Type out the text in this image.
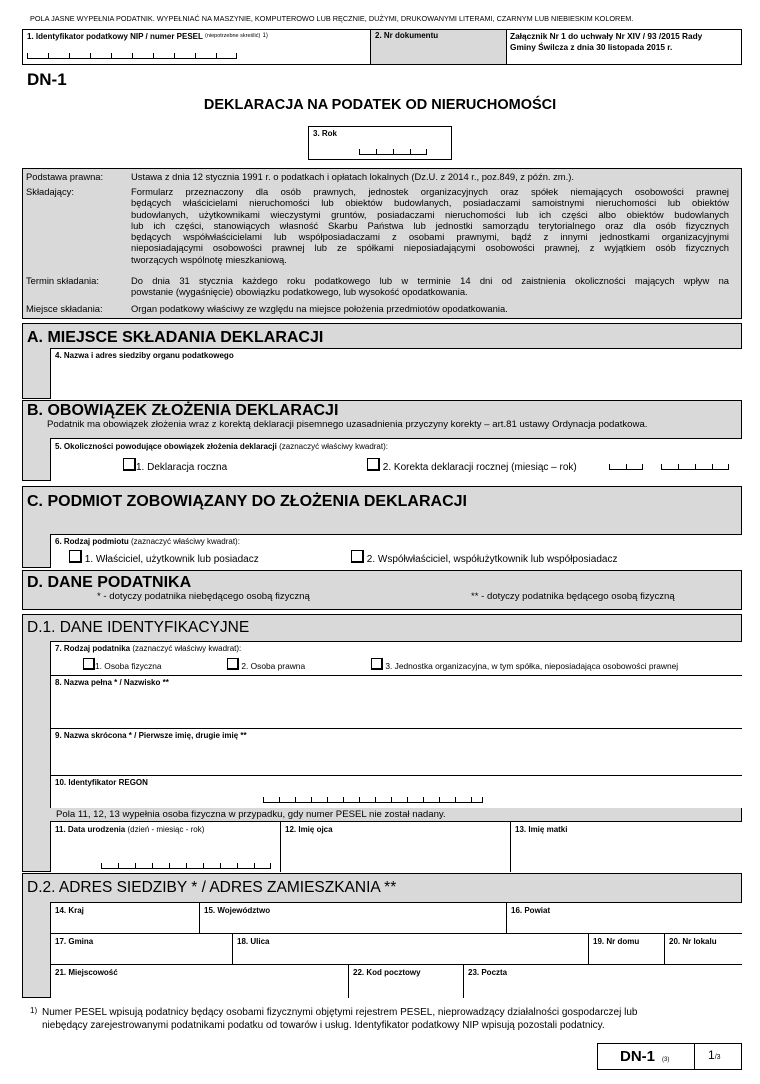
POLA JASNE WYPEŁNIA PODATNIK. WYPEŁNIAĆ NA MASZYNIE, KOMPUTEROWO LUB RĘCZNIE, DUŻYMI, DRUKOWANYMI LITERAMI, CZARNYM LUB NIEBIESKIM KOLOREM.
1. Identyfikator podatkowy NIP / numer PESEL $^{(niepotrzebne skreślić)}$ $^{1)}$	2. Nr dokumentu	Załącznik Nr 1 do uchwały Nr XIV / 93 /2015 Rady
Gminy Świlcza z dnia 30 listopada 2015 r.
DN-1
DEKLARACJA NA PODATEK OD NIERUCHOMOŚCI
3. Rok
Podstawa prawna:	Ustawa z dnia 12 stycznia 1991 r. o podatkach i opłatach lokalnych (Dz.U. z 2014 r., poz.849, z późn. zm.).
Składający:	Formularz przeznaczony dla osób prawnych, jednostek organizacyjnych oraz spółek niemających osobowości prawnej
będących właścicielami nieruchomości lub obiektów budowlanych, posiadaczami samoistnymi nieruchomości lub obiektów
budowlanych, użytkownikami wieczystymi gruntów, posiadaczami nieruchomości lub ich części albo obiektów budowlanych
lub ich części, stanowiących własność Skarbu Państwa lub jednostki samorządu terytorialnego oraz dla osób fizycznych
będących współwłaścicielami lub współposiadaczami z osobami prawnymi, bądź z innymi jednostkami organizacyjnymi
nieposiadającymi osobowości prawnej lub ze spółkami nieposiadającymi osobowości prawnej, z wyjątkiem osób fizycznych
tworzących wspólnotę mieszkaniową.
Termin składania:	Do dnia 31 stycznia każdego roku podatkowego lub w terminie 14 dni od zaistnienia okoliczności mających wpływ na
powstanie (wygaśnięcie) obowiązku podatkowego, lub wysokość opodatkowania.
Miejsce składania:	Organ podatkowy właściwy ze względu na miejsce położenia przedmiotów opodatkowania.
A. MIEJSCE SKŁADANIA DEKLARACJI
4. Nazwa i adres siedziby organu podatkowego
B. OBOWIĄZEK ZŁOŻENIA DEKLARACJI
Podatnik ma obowiązek złożenia wraz z korektą deklaracji pisemnego uzasadnienia przyczyny korekty – art.81 ustawy Ordynacja podatkowa.
5. Okoliczności powodujące obowiązek złożenia deklaracji (zaznaczyć właściwy kwadrat):
1. Deklaracja roczna	2. Korekta deklaracji rocznej (miesiąc – rok)
C. PODMIOT ZOBOWIĄZANY DO ZŁOŻENIA DEKLARACJI
6. Rodzaj podmiotu (zaznaczyć właściwy kwadrat):
1. Właściciel, użytkownik lub posiadacz	2. Współwłaściciel, współużytkownik lub współposiadacz
D. DANE PODATNIKA
* - dotyczy podatnika niebędącego osobą fizyczną	** - dotyczy podatnika będącego osobą fizyczną
D.1. DANE IDENTYFIKACYJNE
7. Rodzaj podatnika (zaznaczyć właściwy kwadrat):
1. Osoba fizyczna	2. Osoba prawna	3. Jednostka organizacyjna, w tym spółka, nieposiadająca osobowości prawnej
8. Nazwa pełna * / Nazwisko **
9. Nazwa skrócona * / Pierwsze imię, drugie imię **
10. Identyfikator REGON
Pola 11, 12, 13 wypełnia osoba fizyczna w przypadku, gdy numer PESEL nie został nadany.
11. Data urodzenia (dzień - miesiąc - rok)	12. Imię ojca	13. Imię matki
D.2. ADRES SIEDZIBY * / ADRES ZAMIESZKANIA **
14. Kraj	15. Województwo	16. Powiat
17. Gmina	18. Ulica	19. Nr domu	20. Nr lokalu
21. Miejscowość	22. Kod pocztowy	23. Poczta
1) Numer PESEL wpisują podatnicy będący osobami fizycznymi objętymi rejestrem PESEL, nieprowadzący działalności gospodarczej lub
niebędący zarejestrowanymi podatnikami podatku od towarów i usług. Identyfikator podatkowy NIP wpisują pozostali podatnicy.
DN-1 (3)	1/3
